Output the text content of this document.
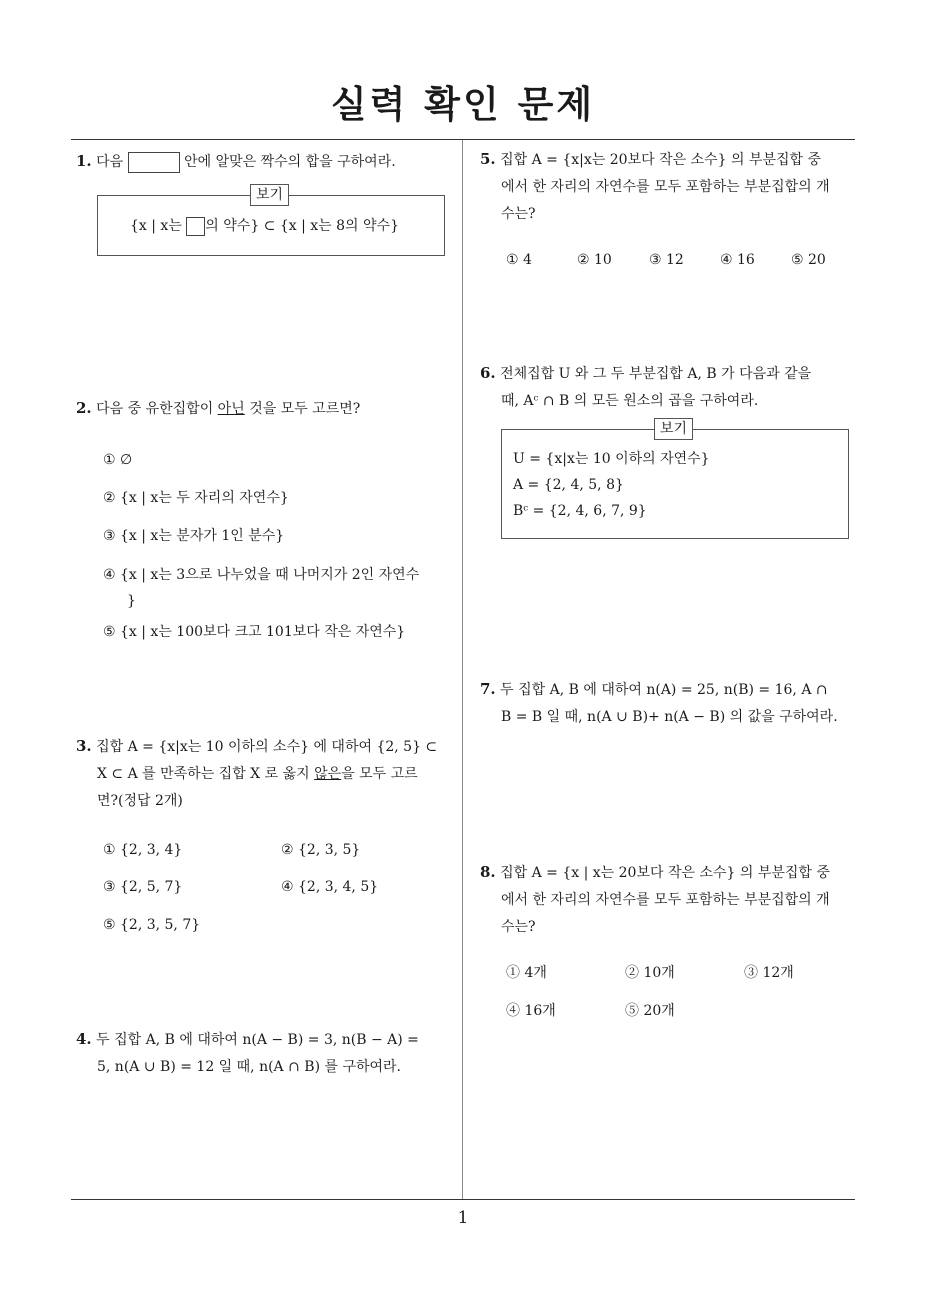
실력 확인 문제
1
1. 다음	안에 알맞은 짝수의 합을 구하여라.
보기
{x | x는 의 약수} ⊂ {x | x는 8의 약수}
2. 다음 중 유한집합이 아닌 것을 모두 고르면?
① ∅
② {x | x는 두 자리의 자연수}
③ {x | x는 분자가 1인 분수}
④ {x | x는 3으로 나누었을 때 나머지가 2인 자연수
}
⑤ {x | x는 100보다 크고 101보다 작은 자연수}
3. 집합 A = {x|x는 10 이하의 소수} 에 대하여 {2, 5} ⊂
X ⊂ A 를 만족하는 집합 X 로 옳지 않은을 모두 고르
면?(정답 2개)
① {2, 3, 4}	② {2, 3, 5}
③ {2, 5, 7}	④ {2, 3, 4, 5}
⑤ {2, 3, 5, 7}
4. 두 집합 A, B 에 대하여 n(A − B) = 3, n(B − A) =
5, n(A ∪ B) = 12 일 때, n(A ∩ B) 를 구하여라.
5. 집합 A = {x|x는 20보다 작은 소수} 의 부분집합 중
에서 한 자리의 자연수를 모두 포함하는 부분집합의 개
수는?
① 4	② 10	③ 12	④ 16	⑤ 20
6. 전체집합 U 와 그 두 부분집합 A, B 가 다음과 같을
때, Aᶜ ∩ B 의 모든 원소의 곱을 구하여라.
보기
U = {x|x는 10 이하의 자연수}
A = {2, 4, 5, 8}
Bᶜ = {2, 4, 6, 7, 9}
7. 두 집합 A, B 에 대하여 n(A) = 25, n(B) = 16, A ∩
B = B 일 때, n(A ∪ B)+ n(A − B) 의 값을 구하여라.
8. 집합 A = {x | x는 20보다 작은 소수} 의 부분집합 중
에서 한 자리의 자연수를 모두 포함하는 부분집합의 개
수는?
① 4개	② 10개	③ 12개
④ 16개	⑤ 20개
